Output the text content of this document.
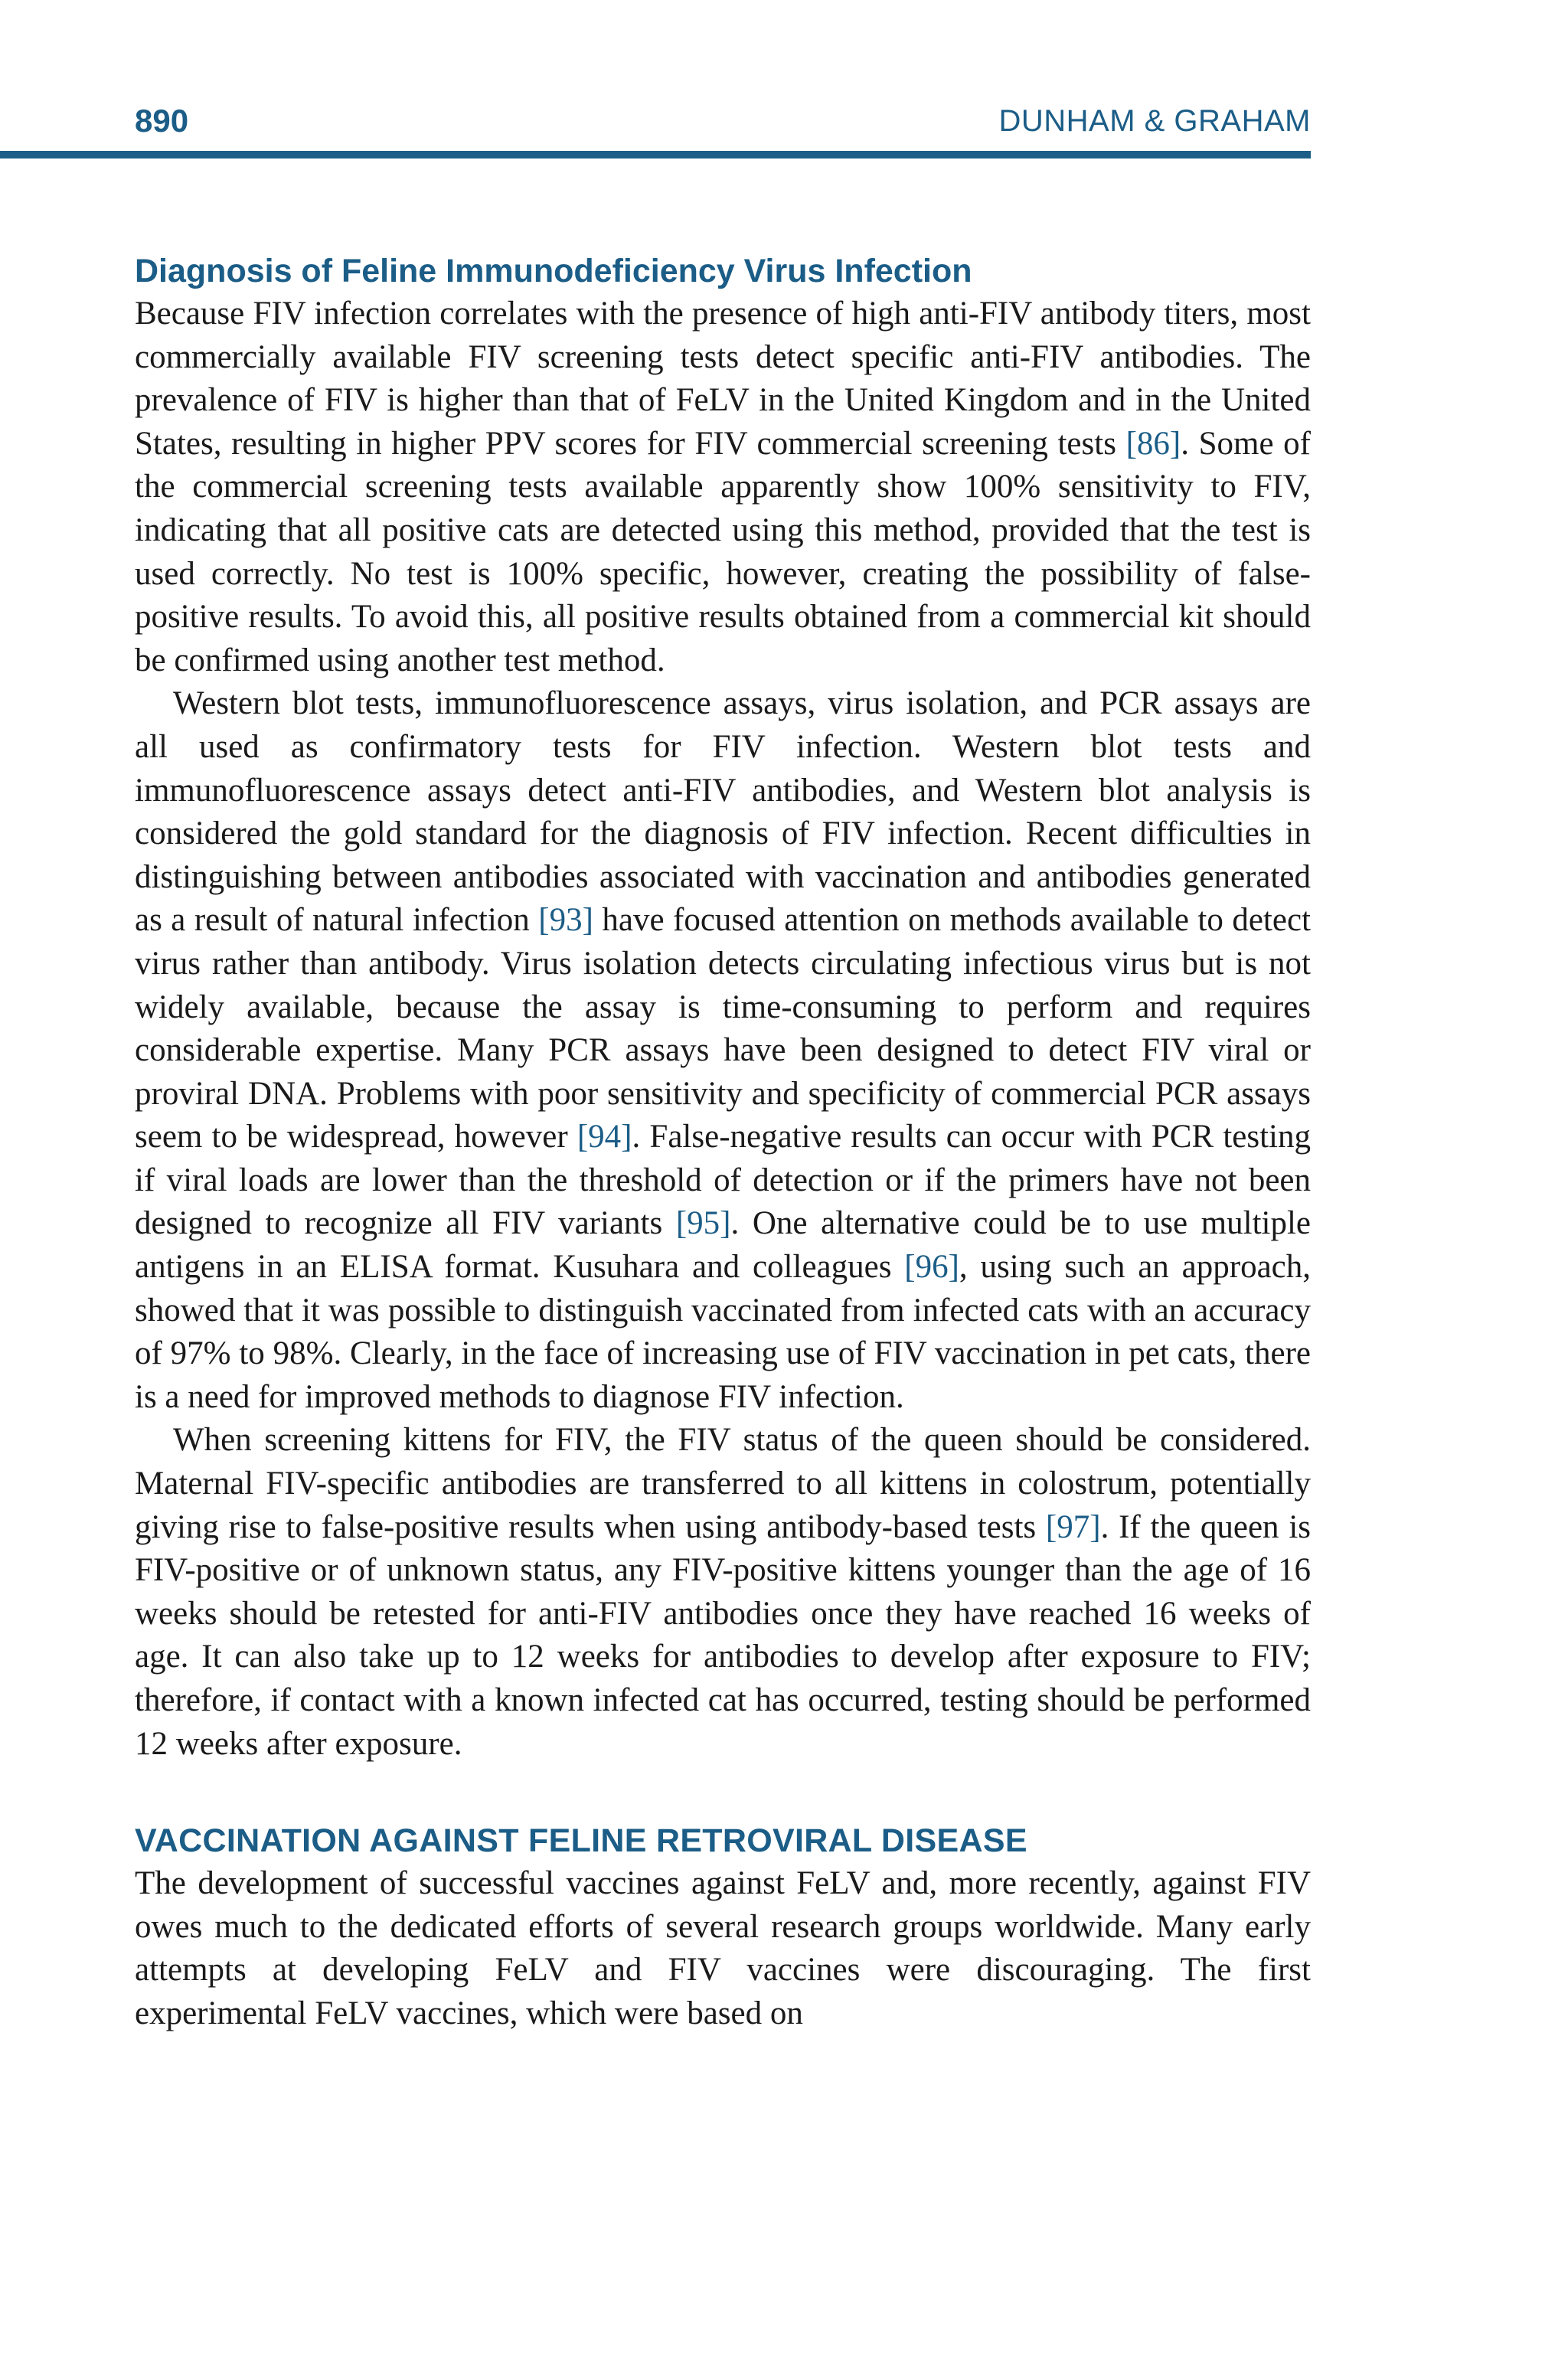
890	DUNHAM & GRAHAM
Diagnosis of Feline Immunodeficiency Virus Infection

Because FIV infection correlates with the presence of high anti-FIV antibody titers, most commercially available FIV screening tests detect specific anti-FIV antibodies. The prevalence of FIV is higher than that of FeLV in the United Kingdom and in the United States, resulting in higher PPV scores for FIV commercial screening tests [86]. Some of the commercial screening tests available apparently show 100% sensitivity to FIV, indicating that all positive cats are detected using this method, provided that the test is used correctly. No test is 100% specific, however, creating the possibility of false-positive results. To avoid this, all positive results obtained from a commercial kit should be confirmed using another test method.

Western blot tests, immunofluorescence assays, virus isolation, and PCR assays are all used as confirmatory tests for FIV infection. Western blot tests and immunofluorescence assays detect anti-FIV antibodies, and Western blot analysis is considered the gold standard for the diagnosis of FIV infection. Recent difficulties in distinguishing between antibodies associated with vaccination and antibodies generated as a result of natural infection [93] have focused attention on methods available to detect virus rather than antibody. Virus isolation detects circulating infectious virus but is not widely available, because the assay is time-consuming to perform and requires considerable expertise. Many PCR assays have been designed to detect FIV viral or proviral DNA. Problems with poor sensitivity and specificity of commercial PCR assays seem to be widespread, however [94]. False-negative results can occur with PCR testing if viral loads are lower than the threshold of detection or if the primers have not been designed to recognize all FIV variants [95]. One alternative could be to use multiple antigens in an ELISA format. Kusuhara and colleagues [96], using such an approach, showed that it was possible to distinguish vaccinated from infected cats with an accuracy of 97% to 98%. Clearly, in the face of increasing use of FIV vaccination in pet cats, there is a need for improved methods to diagnose FIV infection.

When screening kittens for FIV, the FIV status of the queen should be considered. Maternal FIV-specific antibodies are transferred to all kittens in colostrum, potentially giving rise to false-positive results when using antibody-based tests [97]. If the queen is FIV-positive or of unknown status, any FIV-positive kittens younger than the age of 16 weeks should be retested for anti-FIV antibodies once they have reached 16 weeks of age. It can also take up to 12 weeks for antibodies to develop after exposure to FIV; therefore, if contact with a known infected cat has occurred, testing should be performed 12 weeks after exposure.

VACCINATION AGAINST FELINE RETROVIRAL DISEASE

The development of successful vaccines against FeLV and, more recently, against FIV owes much to the dedicated efforts of several research groups worldwide. Many early attempts at developing FeLV and FIV vaccines were discouraging. The first experimental FeLV vaccines, which were based on
